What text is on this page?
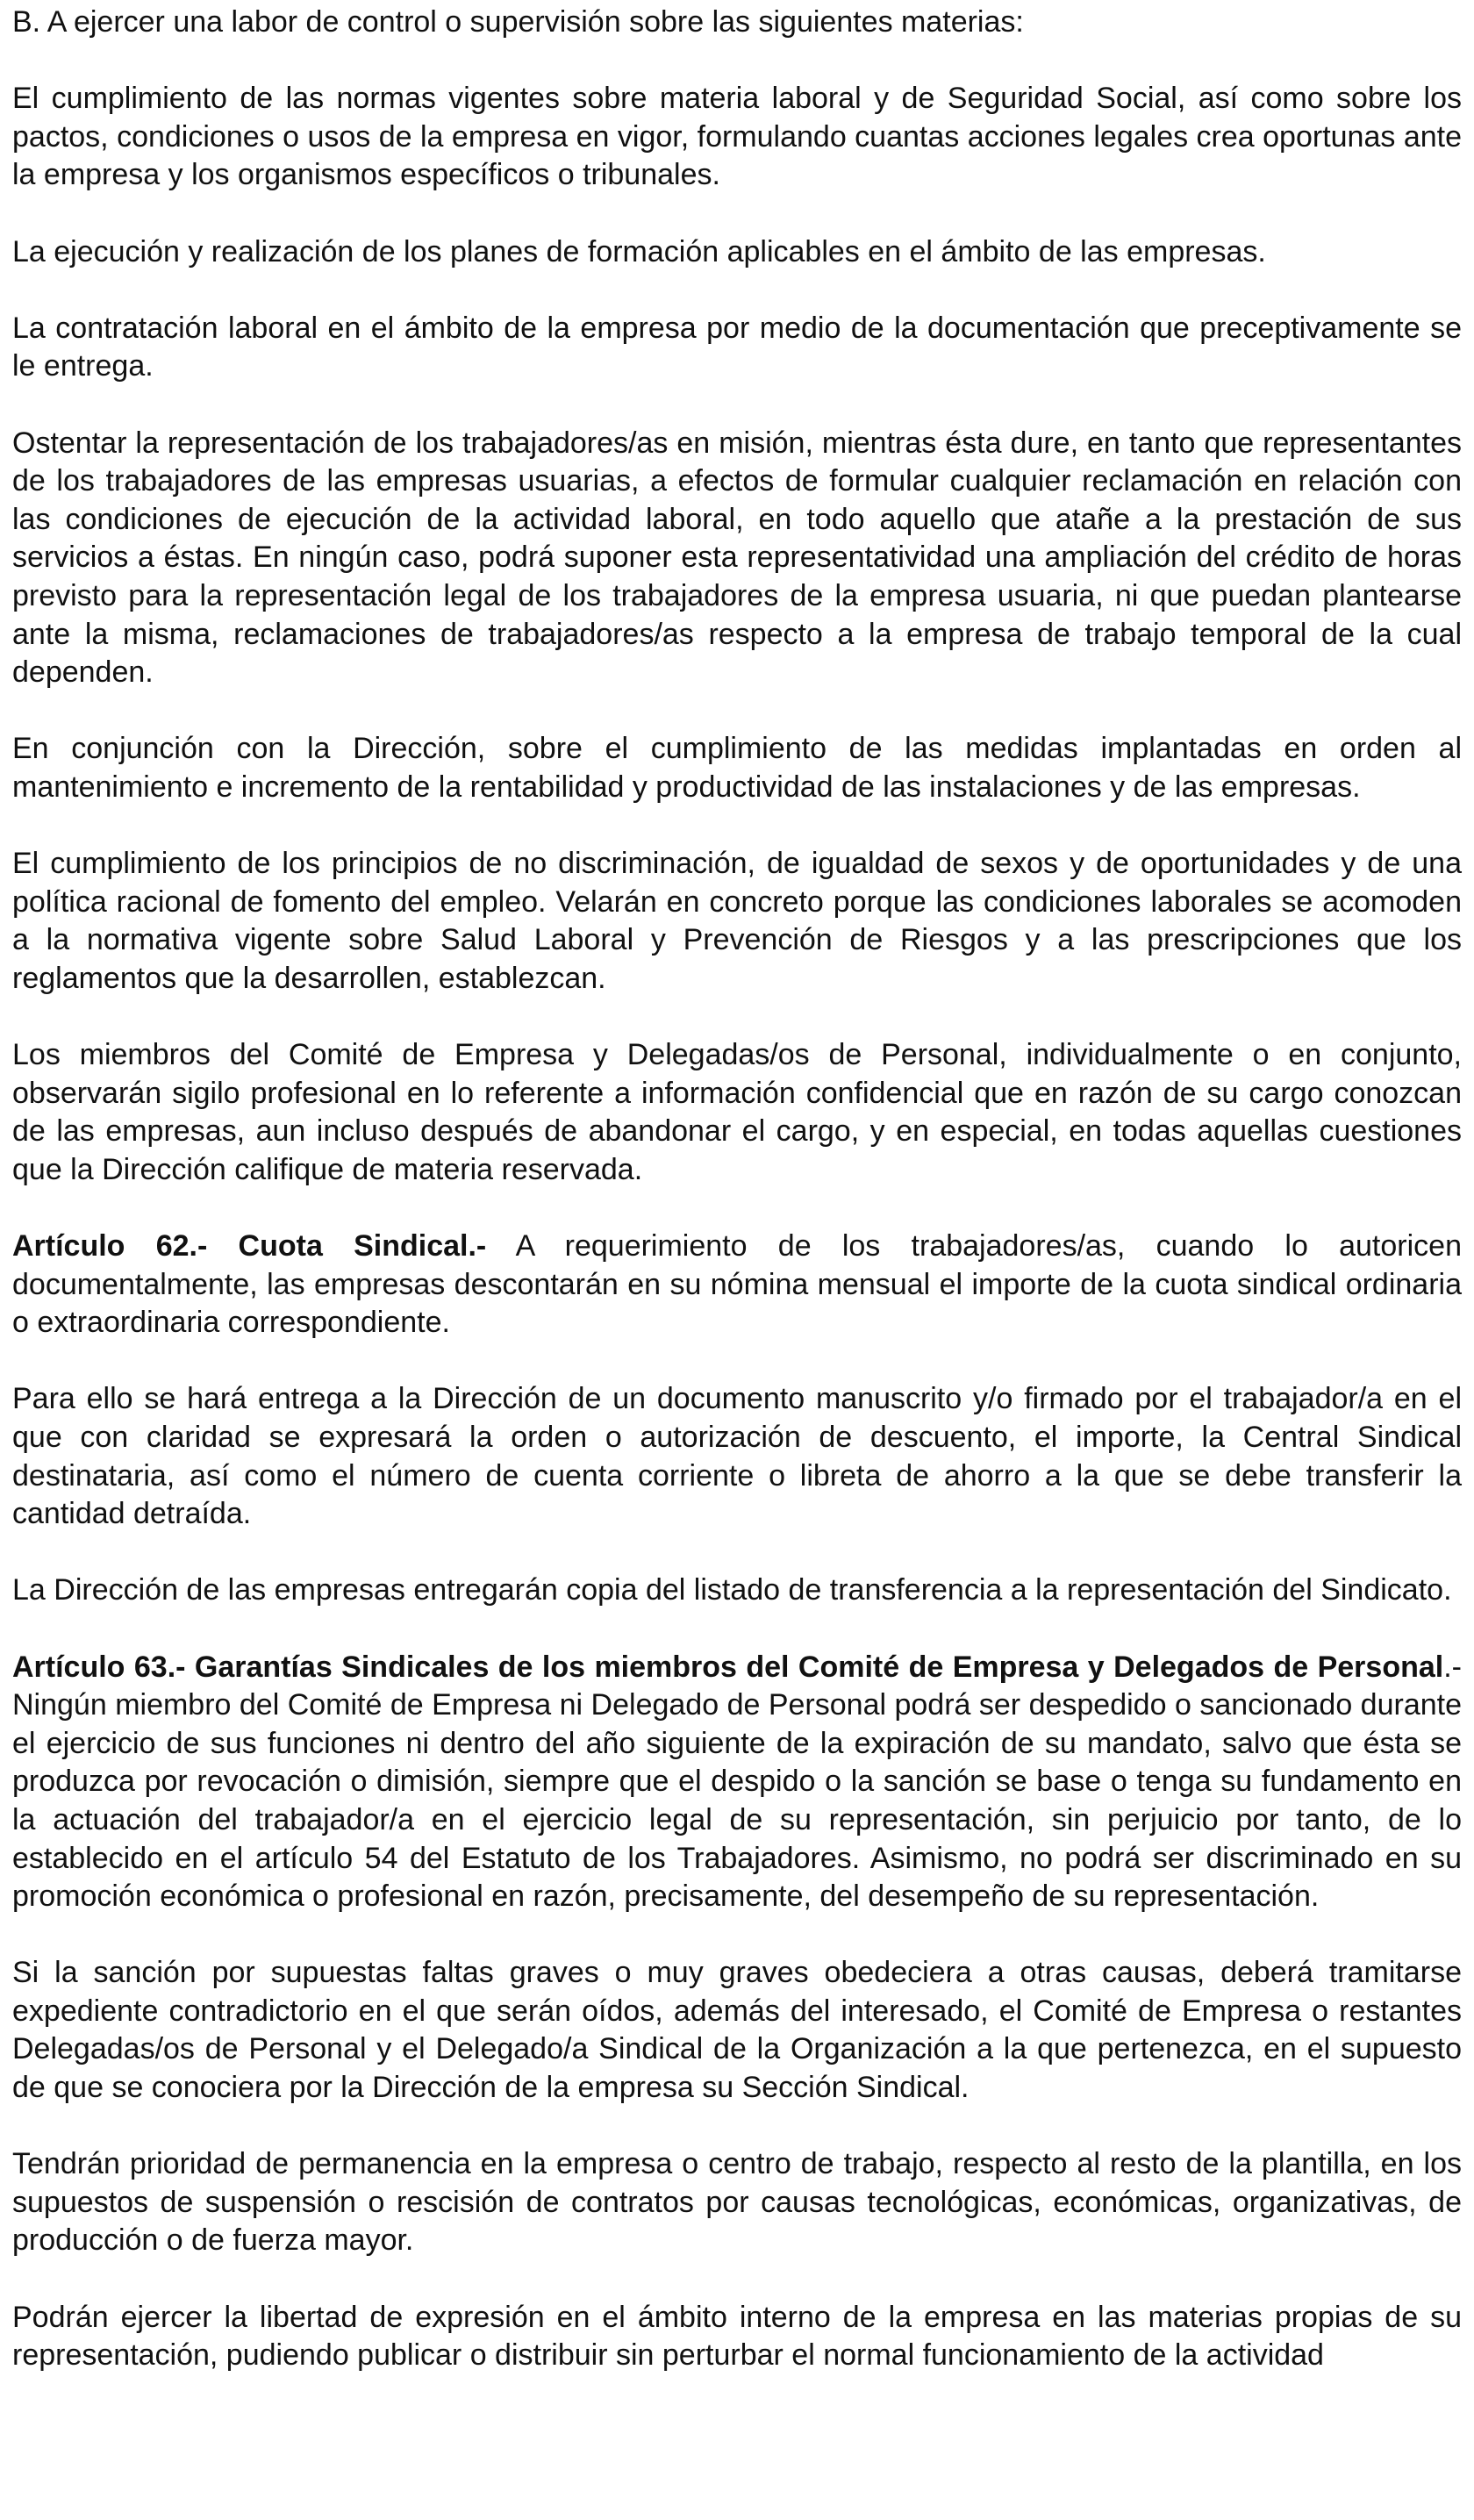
B. A ejercer una labor de control o supervisión sobre las siguientes materias:

El cumplimiento de las normas vigentes sobre materia laboral y de Seguridad Social, así como sobre los pactos, condiciones o usos de la empresa en vigor, formulando cuantas acciones legales crea oportunas ante la empresa y los organismos específicos o tribunales.

La ejecución y realización de los planes de formación aplicables en el ámbito de las empresas.

La contratación laboral en el ámbito de la empresa por medio de la documentación que preceptivamente se le entrega.

Ostentar la representación de los trabajadores/as en misión, mientras ésta dure, en tanto que representantes de los trabajadores de las empresas usuarias, a efectos de formular cualquier reclamación en relación con las condiciones de ejecución de la actividad laboral, en todo aquello que atañe a la prestación de sus servicios a éstas. En ningún caso, podrá suponer esta representatividad una ampliación del crédito de horas previsto para la representación legal de los trabajadores de la empresa usuaria, ni que puedan plantearse ante la misma, reclamaciones de trabajadores/as respecto a la empresa de trabajo temporal de la cual dependen.

En conjunción con la Dirección, sobre el cumplimiento de las medidas implantadas en orden al mantenimiento e incremento de la rentabilidad y productividad de las instalaciones y de las empresas.

El cumplimiento de los principios de no discriminación, de igualdad de sexos y de oportunidades y de una política racional de fomento del empleo. Velarán en concreto porque las condiciones laborales se acomoden a la normativa vigente sobre Salud Laboral y Prevención de Riesgos y a las prescripciones que los reglamentos que la desarrollen, establezcan.

Los miembros del Comité de Empresa y Delegadas/os de Personal, individualmente o en conjunto, observarán sigilo profesional en lo referente a información confidencial que en razón de su cargo conozcan de las empresas, aun incluso después de abandonar el cargo, y en especial, en todas aquellas cuestiones que la Dirección califique de materia reservada.

Artículo 62.- Cuota Sindical.- A requerimiento de los trabajadores/as, cuando lo autoricen documentalmente, las empresas descontarán en su nómina mensual el importe de la cuota sindical ordinaria o extraordinaria correspondiente.

Para ello se hará entrega a la Dirección de un documento manuscrito y/o firmado por el trabajador/a en el que con claridad se expresará la orden o autorización de descuento, el importe, la Central Sindical destinataria, así como el número de cuenta corriente o libreta de ahorro a la que se debe transferir la cantidad detraída.

La Dirección de las empresas entregarán copia del listado de transferencia a la representación del Sindicato.

Artículo 63.- Garantías Sindicales de los miembros del Comité de Empresa y Delegados de Personal.- Ningún miembro del Comité de Empresa ni Delegado de Personal podrá ser despedido o sancionado durante el ejercicio de sus funciones ni dentro del año siguiente de la expiración de su mandato, salvo que ésta se produzca por revocación o dimisión, siempre que el despido o la sanción se base o tenga su fundamento en la actuación del trabajador/a en el ejercicio legal de su representación, sin perjuicio por tanto, de lo establecido en el artículo 54 del Estatuto de los Trabajadores. Asimismo, no podrá ser discriminado en su promoción económica o profesional en razón, precisamente, del desempeño de su representación.

Si la sanción por supuestas faltas graves o muy graves obedeciera a otras causas, deberá tramitarse expediente contradictorio en el que serán oídos, además del interesado, el Comité de Empresa o restantes Delegadas/os de Personal y el Delegado/a Sindical de la Organización a la que pertenezca, en el supuesto de que se conociera por la Dirección de la empresa su Sección Sindical.

Tendrán prioridad de permanencia en la empresa o centro de trabajo, respecto al resto de la plantilla, en los supuestos de suspensión o rescisión de contratos por causas tecnológicas, económicas, organizativas, de producción o de fuerza mayor.

Podrán ejercer la libertad de expresión en el ámbito interno de la empresa en las materias propias de su representación, pudiendo publicar o distribuir sin perturbar el normal funcionamiento de la actividad
